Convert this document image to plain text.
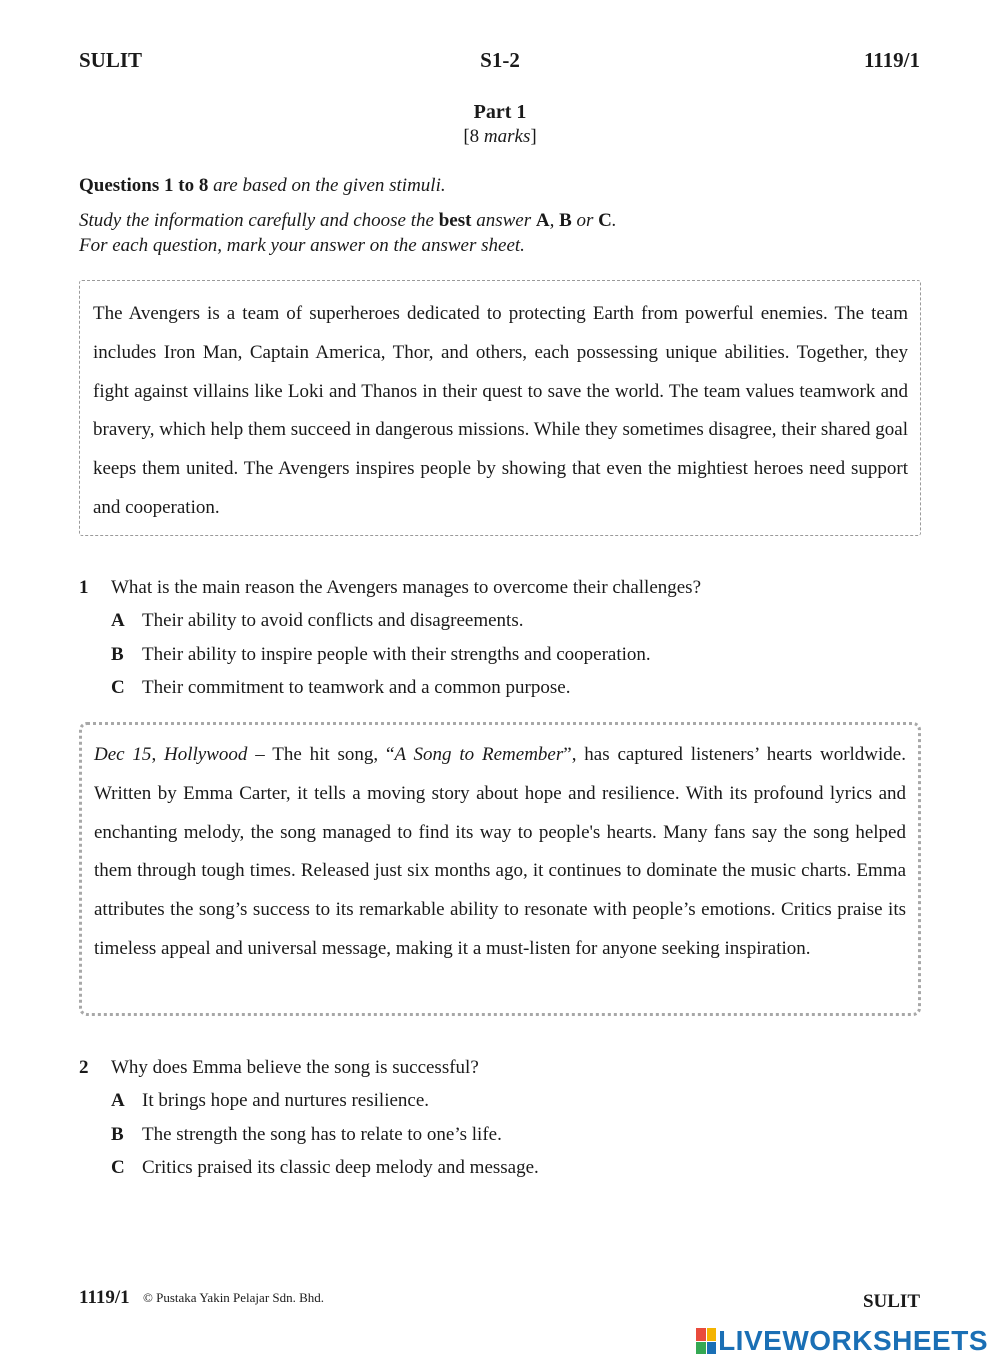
SULIT	S1-2	1119/1
Part 1
[8 marks]
Questions 1 to 8 are based on the given stimuli.
Study the information carefully and choose the best answer A, B or C.
For each question, mark your answer on the answer sheet.
The Avengers is a team of superheroes dedicated to protecting Earth from powerful enemies. The team includes Iron Man, Captain America, Thor, and others, each possessing unique abilities. Together, they fight against villains like Loki and Thanos in their quest to save the world. The team values teamwork and bravery, which help them succeed in dangerous missions. While they sometimes disagree, their shared goal keeps them united. The Avengers inspires people by showing that even the mightiest heroes need support and cooperation.
1 What is the main reason the Avengers manages to overcome their challenges?
A Their ability to avoid conflicts and disagreements.
B Their ability to inspire people with their strengths and cooperation.
C Their commitment to teamwork and a common purpose.
Dec 15, Hollywood – The hit song, “A Song to Remember”, has captured listeners’ hearts worldwide. Written by Emma Carter, it tells a moving story about hope and resilience. With its profound lyrics and enchanting melody, the song managed to find its way to people's hearts. Many fans say the song helped them through tough times. Released just six months ago, it continues to dominate the music charts. Emma attributes the song’s success to its remarkable ability to resonate with people’s emotions. Critics praise its timeless appeal and universal message, making it a must-listen for anyone seeking inspiration.
2 Why does Emma believe the song is successful?
A It brings hope and nurtures resilience.
B The strength the song has to relate to one’s life.
C Critics praised its classic deep melody and message.
1119/1 © Pustaka Yakin Pelajar Sdn. Bhd.	SULIT
LIVEWORKSHEETS
